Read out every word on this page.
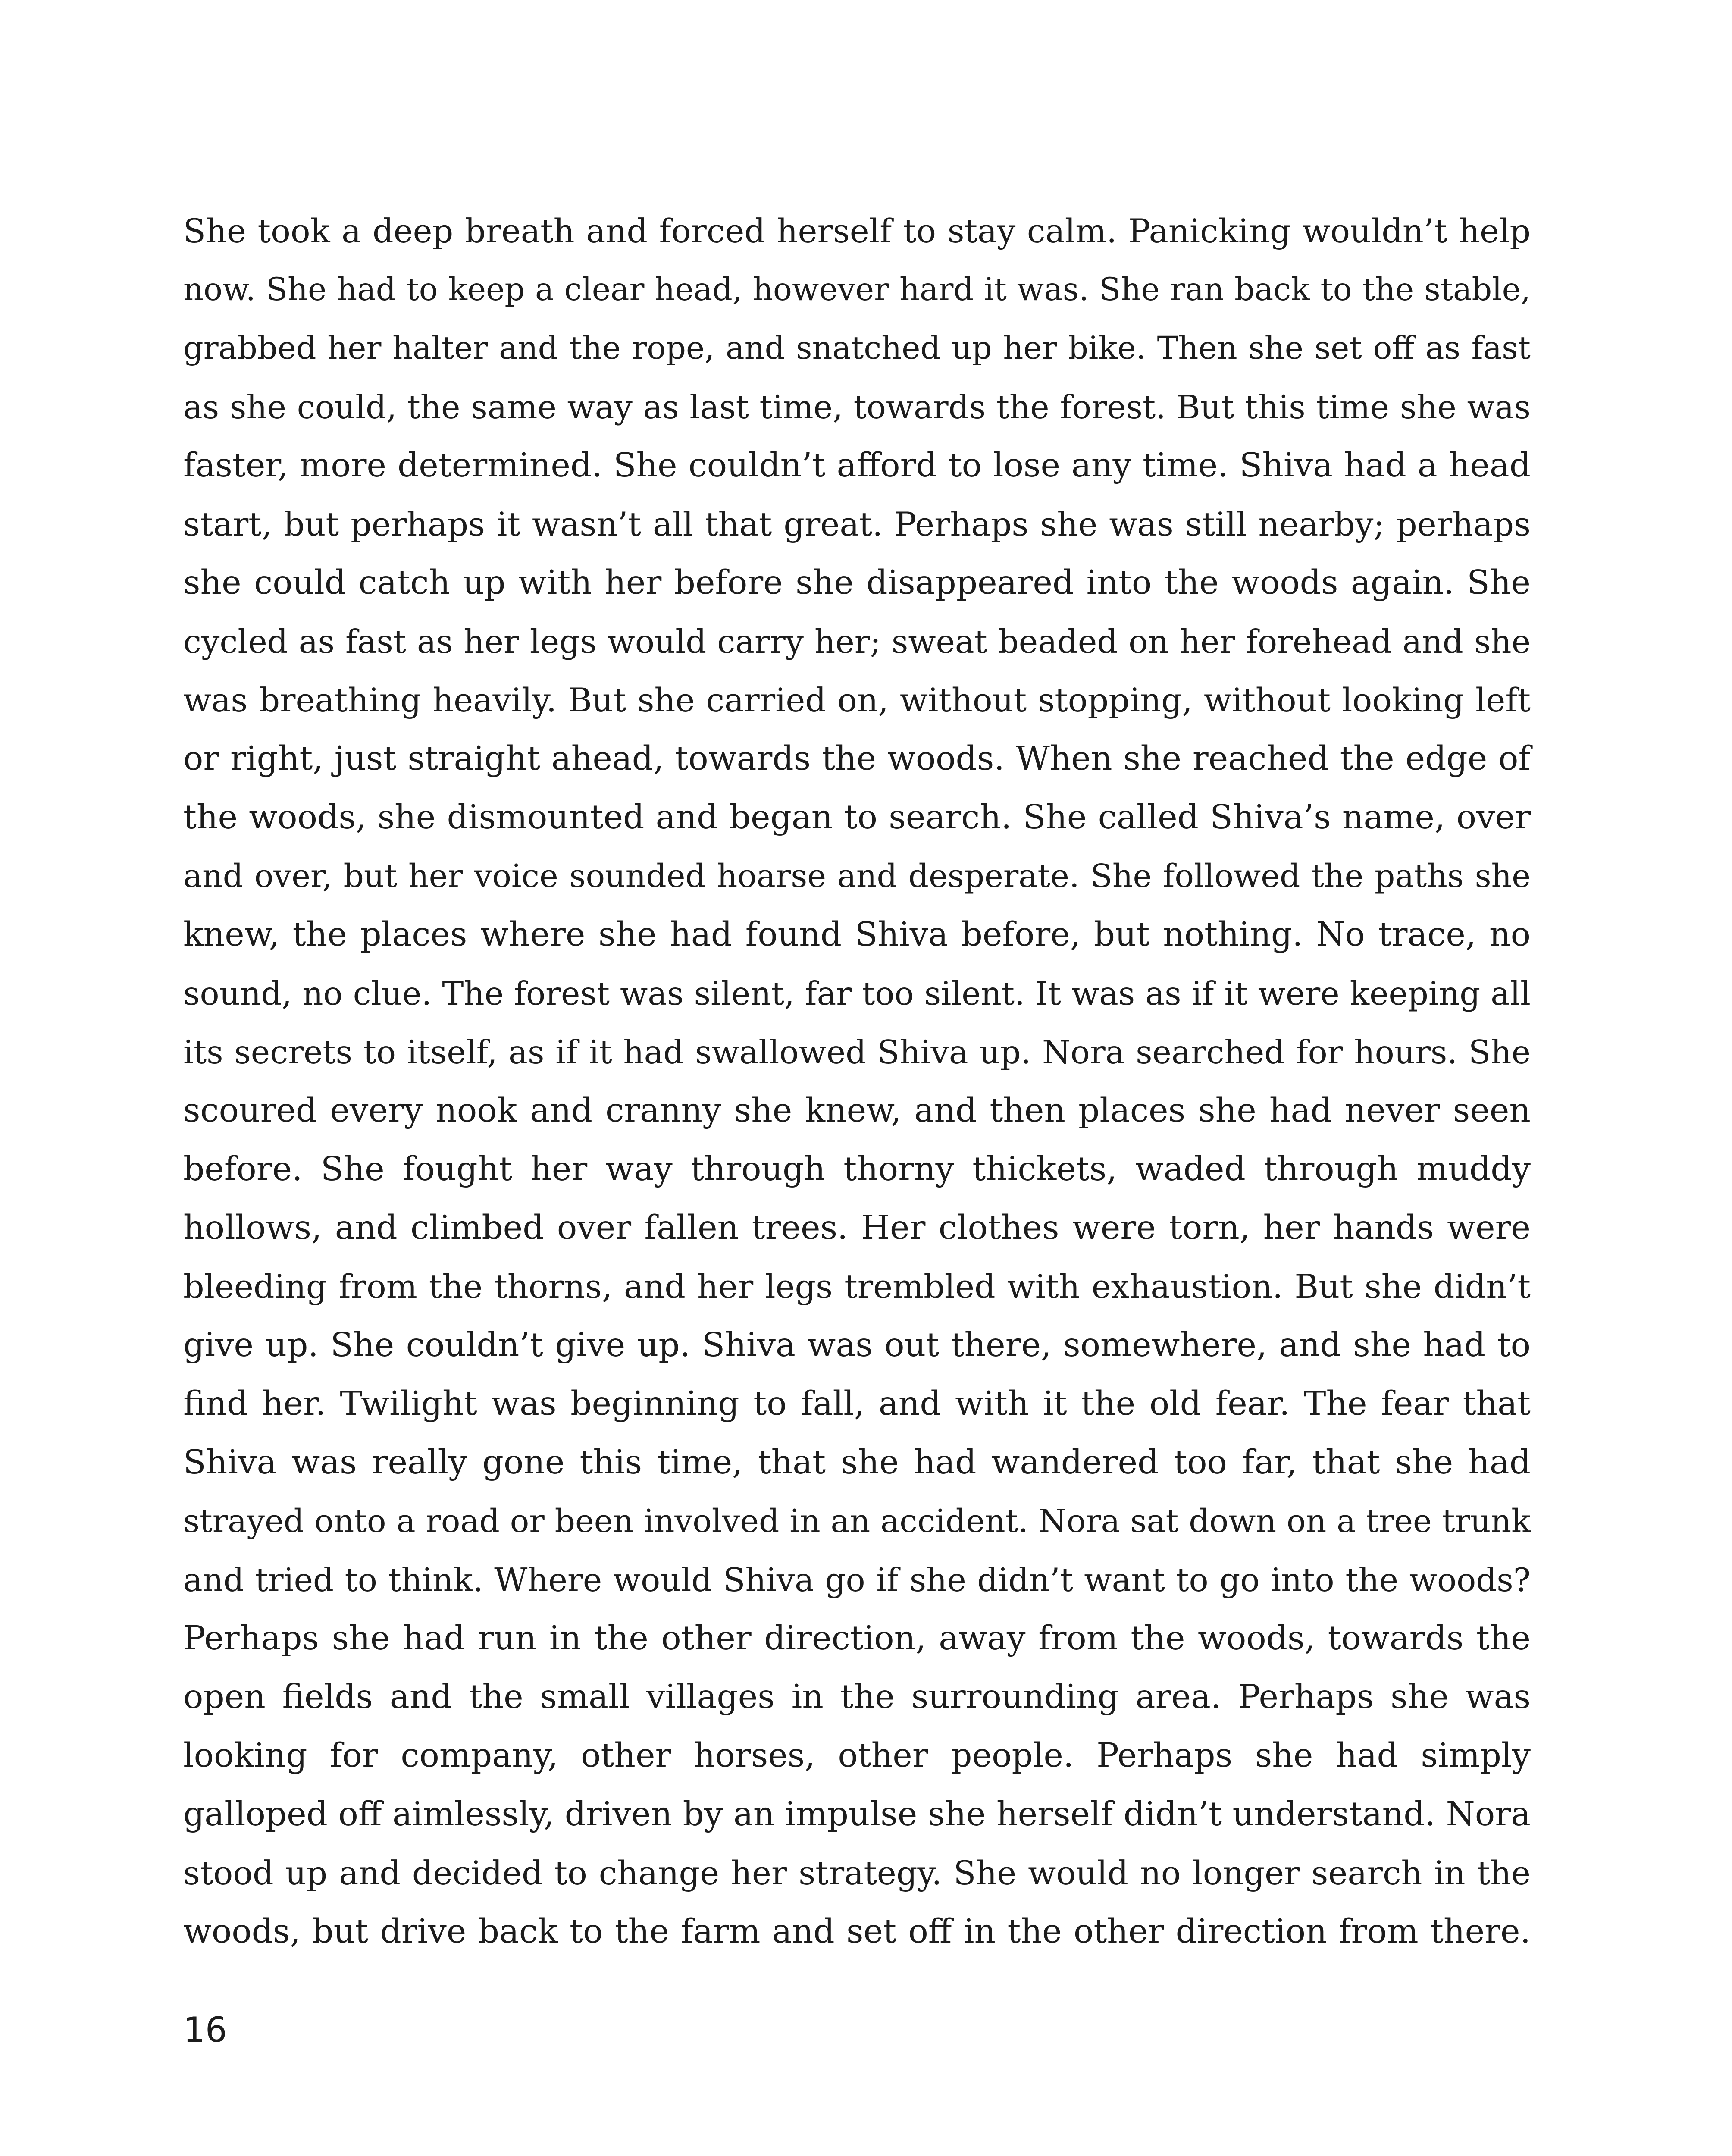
She took a deep breath and forced herself to stay calm. Panicking wouldn’t help
now. She had to keep a clear head, however hard it was. She ran back to the stable,
grabbed her halter and the rope, and snatched up her bike. Then she set off as fast
as she could, the same way as last time, towards the forest. But this time she was
faster, more determined. She couldn’t afford to lose any time. Shiva had a head
start, but perhaps it wasn’t all that great. Perhaps she was still nearby; perhaps
she could catch up with her before she disappeared into the woods again. She
cycled as fast as her legs would carry her; sweat beaded on her forehead and she
was breathing heavily. But she carried on, without stopping, without looking left
or right, just straight ahead, towards the woods. When she reached the edge of
the woods, she dismounted and began to search. She called Shiva’s name, over
and over, but her voice sounded hoarse and desperate. She followed the paths she
knew, the places where she had found Shiva before, but nothing. No trace, no
sound, no clue. The forest was silent, far too silent. It was as if it were keeping all
its secrets to itself, as if it had swallowed Shiva up. Nora searched for hours. She
scoured every nook and cranny she knew, and then places she had never seen
before. She fought her way through thorny thickets, waded through muddy
hollows, and climbed over fallen trees. Her clothes were torn, her hands were
bleeding from the thorns, and her legs trembled with exhaustion. But she didn’t
give up. She couldn’t give up. Shiva was out there, somewhere, and she had to
find her. Twilight was beginning to fall, and with it the old fear. The fear that
Shiva was really gone this time, that she had wandered too far, that she had
strayed onto a road or been involved in an accident. Nora sat down on a tree trunk
and tried to think. Where would Shiva go if she didn’t want to go into the woods?
Perhaps she had run in the other direction, away from the woods, towards the
open fields and the small villages in the surrounding area. Perhaps she was
looking for company, other horses, other people. Perhaps she had simply
galloped off aimlessly, driven by an impulse she herself didn’t understand. Nora
stood up and decided to change her strategy. She would no longer search in the
woods, but drive back to the farm and set off in the other direction from there.
16
